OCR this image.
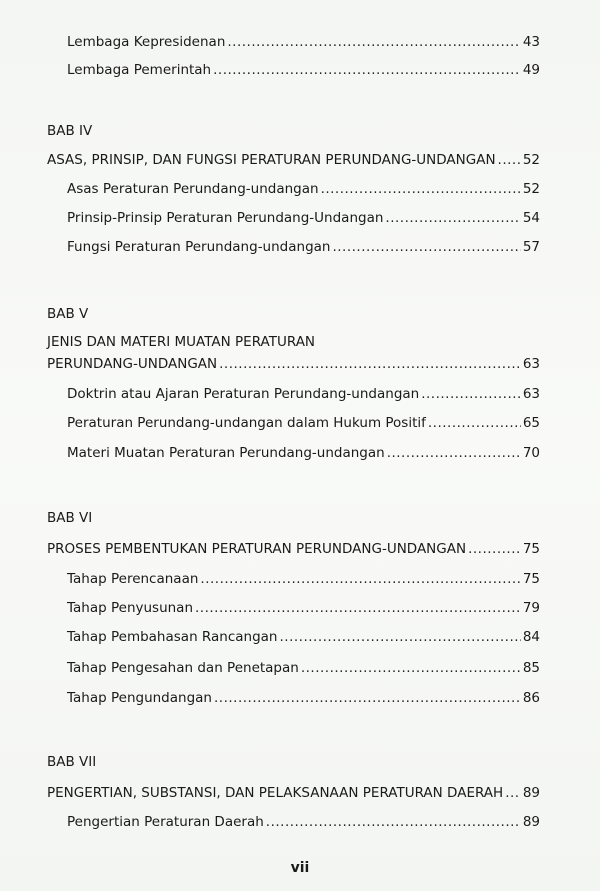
Lembaga Kepresidenan .....	43
Lembaga Pemerintah .....	49
BAB IV
ASAS, PRINSIP, DAN FUNGSI PERATURAN PERUNDANG-UNDANGAN ..... 52
Asas Peraturan Perundang-undangan .....	52
Prinsip-Prinsip Peraturan Perundang-Undangan .....	54
Fungsi Peraturan Perundang-undangan .....	57
BAB V
JENIS DAN MATERI MUATAN PERATURAN
PERUNDANG-UNDANGAN .....	63
Doktrin atau Ajaran Peraturan Perundang-undangan .....	63
Peraturan Perundang-undangan dalam Hukum Positif .....	65
Materi Muatan Peraturan Perundang-undangan .....	70
BAB VI
PROSES PEMBENTUKAN PERATURAN PERUNDANG-UNDANGAN .....	75
Tahap Perencanaan .....	75
Tahap Penyusunan .....	79
Tahap Pembahasan Rancangan .....	84
Tahap Pengesahan dan Penetapan .....	85
Tahap Pengundangan .....	86
BAB VII
PENGERTIAN, SUBSTANSI, DAN PELAKSANAAN PERATURAN DAERAH ..... 89
Pengertian Peraturan Daerah .....	89
vii
